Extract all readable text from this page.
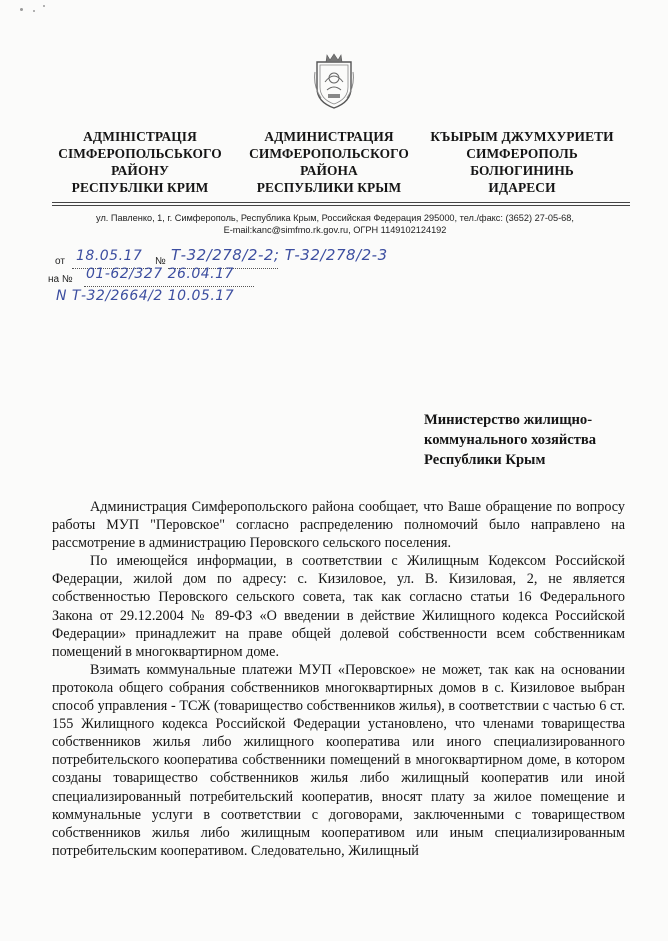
АДМІНІСТРАЦІЯ
СІМФЕРОПОЛЬСЬКОГО
РАЙОНУ
РЕСПУБЛІКИ КРИМ
АДМИНИСТРАЦИЯ
СИМФЕРОПОЛЬСКОГО
РАЙОНА
РЕСПУБЛИКИ КРЫМ
КЪЫРЫМ ДЖУМХУРИЕТИ
СИМФЕРОПОЛЬ
БОЛЮГИНИНЬ
ИДАРЕСИ
ул. Павленко, 1, г. Симферополь, Республика Крым, Российская Федерация 295000, тел./факс: (3652) 27-05-68,
E-mail:kanc@simfmo.rk.gov.ru, ОГРН 1149102124192
от 18.05.17 № Т-32/278/2-2; Т-32/278/2-3
на № 01-62/327 26.04.17
N Т-32/2664/2 10.05.17
Министерство жилищно-
коммунального хозяйства
Республики Крым

Администрация Симферопольского района сообщает, что Ваше обращение по вопросу работы МУП "Перовское" согласно распределению полномочий было направлено на рассмотрение в администрацию Перовского сельского поселения.

По имеющейся информации, в соответствии с Жилищным Кодексом Российской Федерации, жилой дом по адресу: с. Кизиловое, ул. В. Кизиловая, 2, не является собственностью Перовского сельского совета, так как согласно статьи 16 Федерального Закона от 29.12.2004 № 89-ФЗ «О введении в действие Жилищного кодекса Российской Федерации» принадлежит на праве общей долевой собственности всем собственникам помещений в многоквартирном доме.

Взимать коммунальные платежи МУП «Перовское» не может, так как на основании протокола общего собрания собственников многоквартирных домов в с. Кизиловое выбран способ управления - ТСЖ (товарищество собственников жилья), в соответствии с частью 6 ст. 155 Жилищного кодекса Российской Федерации установлено, что членами товарищества собственников жилья либо жилищного кооператива или иного специализированного потребительского кооператива собственники помещений в многоквартирном доме, в котором созданы товарищество собственников жилья либо жилищный кооператив или иной специализированный потребительский кооператив, вносят плату за жилое помещение и коммунальные услуги в соответствии с договорами, заключенными с товариществом собственников жилья либо жилищным кооперативом или иным специализированным потребительским кооперативом. Следовательно, Жилищный
